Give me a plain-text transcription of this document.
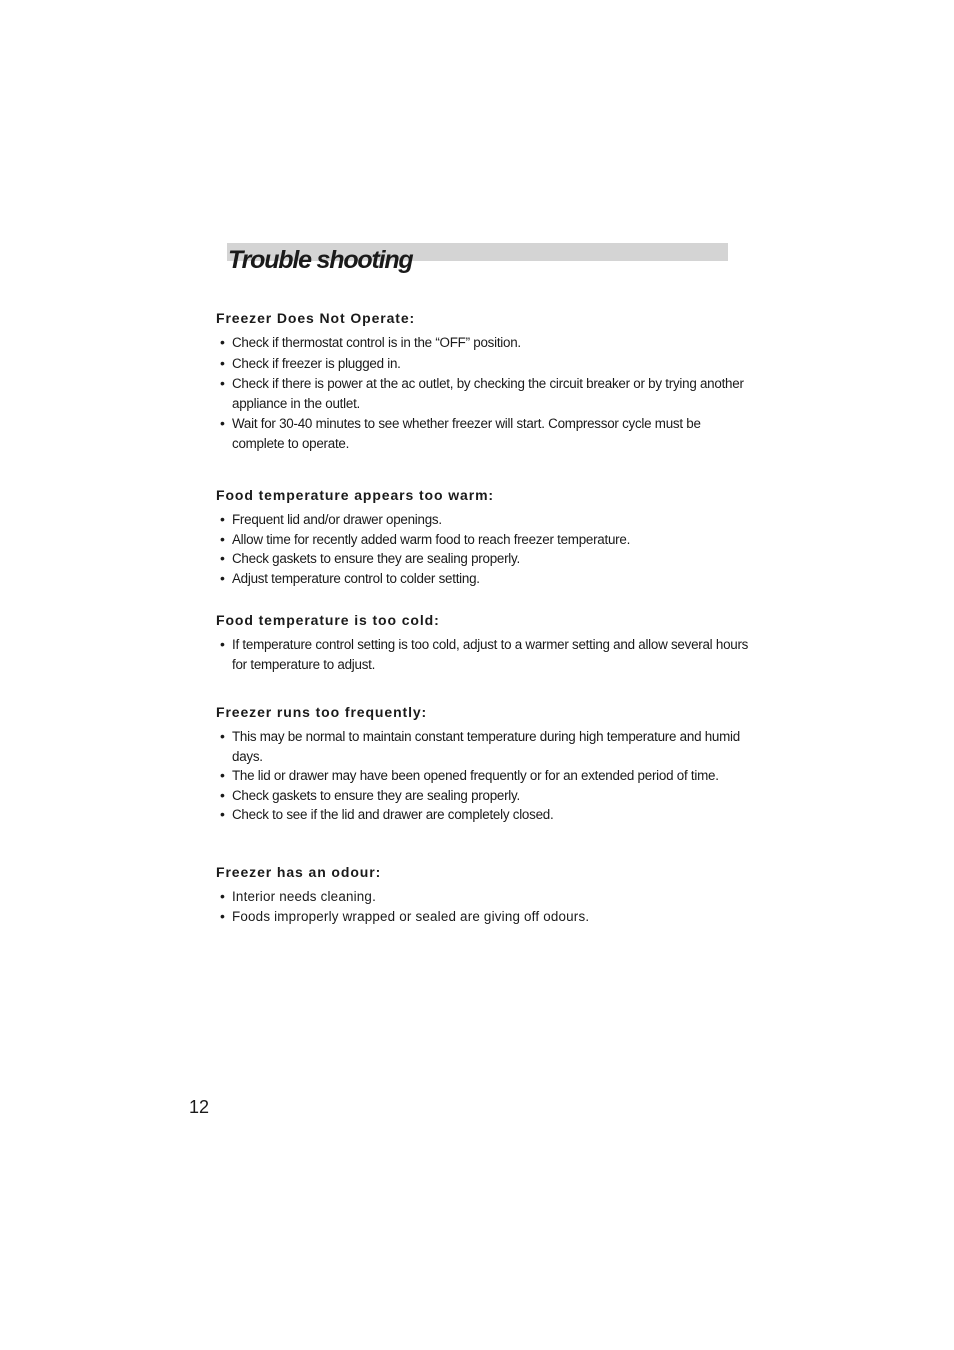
Trouble shooting
Freezer Does Not Operate:
• Check if thermostat control is in the “OFF” position.
• Check if freezer is plugged in.
• Check if there is power at the ac outlet, by checking the circuit breaker or by trying another appliance in the outlet.
• Wait for 30-40 minutes to see whether freezer will start. Compressor cycle must be complete to operate.
Food temperature appears too warm:
• Frequent lid and/or drawer openings.
• Allow time for recently added warm food to reach freezer temperature.
• Check gaskets to ensure they are sealing properly.
• Adjust temperature control to colder setting.
Food temperature is too cold:
• If temperature control setting is too cold, adjust to a warmer setting and allow several hours for temperature to adjust.
Freezer runs too frequently:
• This may be normal to maintain constant temperature during high temperature and humid days.
• The lid or drawer may have been opened frequently or for an extended period of time.
• Check gaskets to ensure they are sealing properly.
• Check to see if the lid and drawer are completely closed.
Freezer has an odour:
• Interior needs cleaning.
• Foods improperly wrapped or sealed are giving off odours.
12
